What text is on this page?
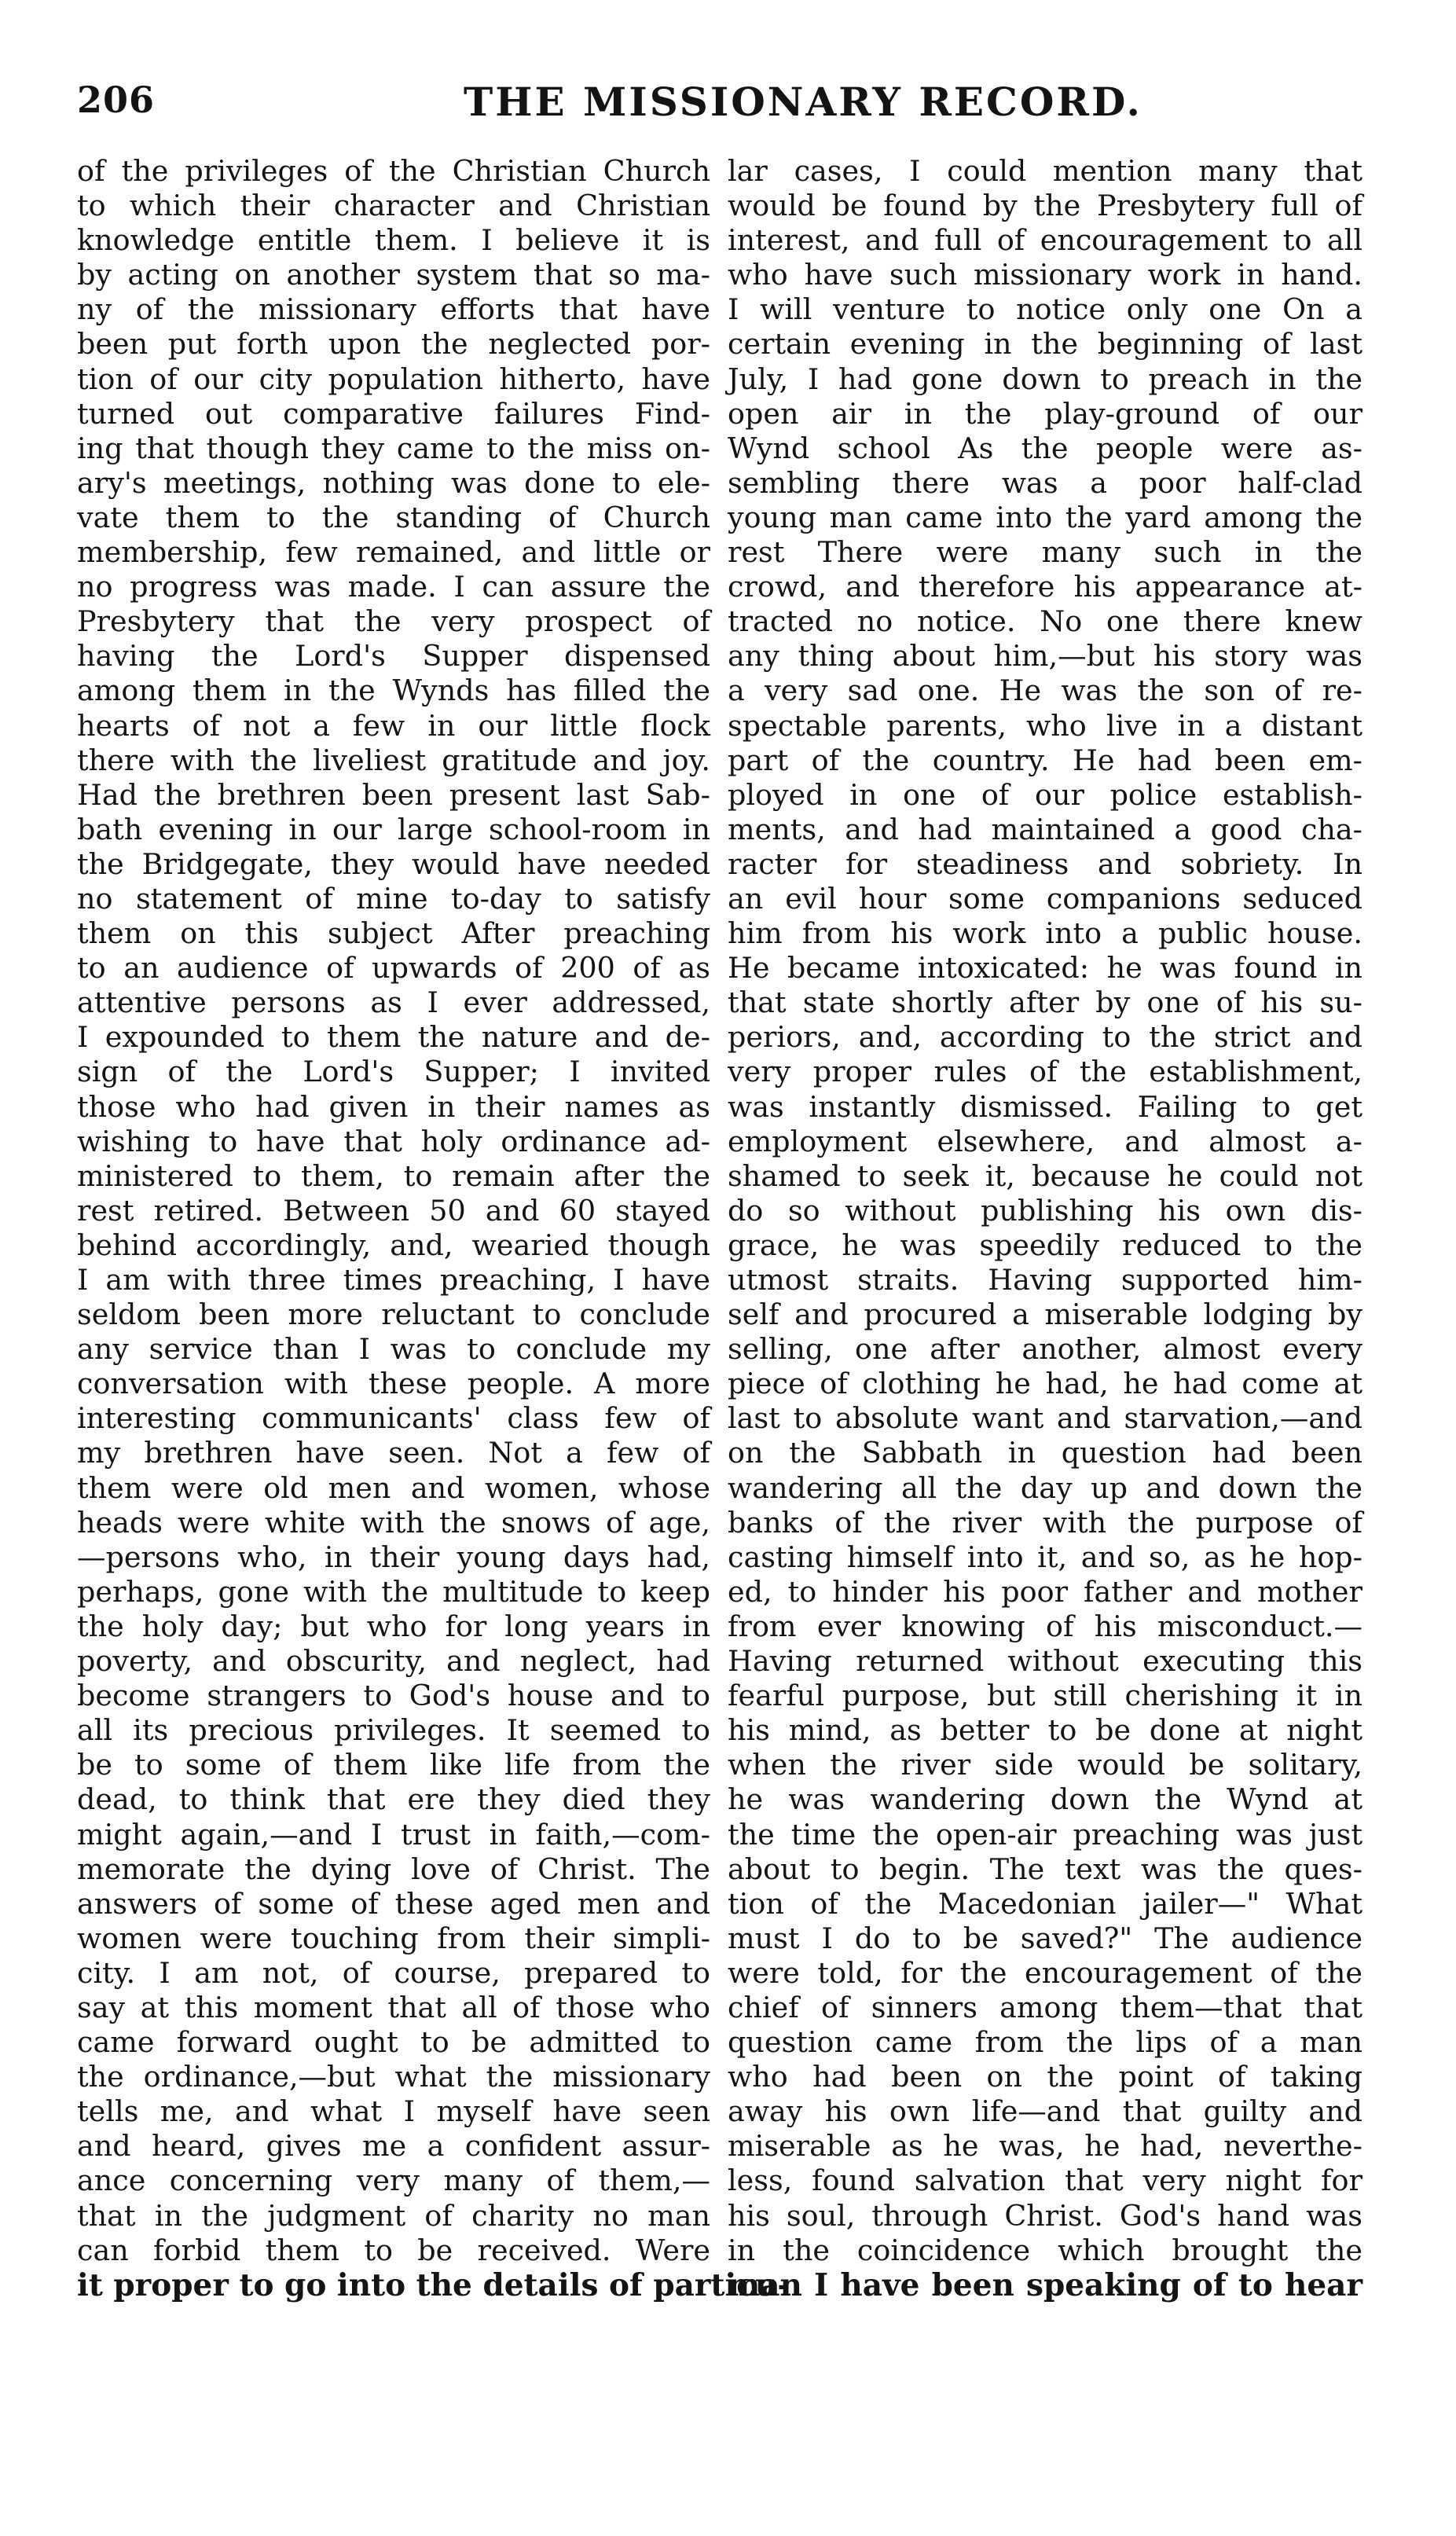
206	THE MISSIONARY RECORD.
of the privileges of the Christian Church
to which their character and Christian
knowledge entitle them. I believe it is
by acting on another system that so ma-
ny of the missionary efforts that have
been put forth upon the neglected por-
tion of our city population hitherto, have
turned out comparative failures Find-
ing that though they came to the miss on-
ary's meetings, nothing was done to ele-
vate them to the standing of Church
membership, few remained, and little or
no progress was made. I can assure the
Presbytery that the very prospect of
having the Lord's Supper dispensed
among them in the Wynds has filled the
hearts of not a few in our little flock
there with the liveliest gratitude and joy.
Had the brethren been present last Sab-
bath evening in our large school-room in
the Bridgegate, they would have needed
no statement of mine to-day to satisfy
them on this subject After preaching
to an audience of upwards of 200 of as
attentive persons as I ever addressed,
I expounded to them the nature and de-
sign of the Lord's Supper; I invited
those who had given in their names as
wishing to have that holy ordinance ad-
ministered to them, to remain after the
rest retired. Between 50 and 60 stayed
behind accordingly, and, wearied though
I am with three times preaching, I have
seldom been more reluctant to conclude
any service than I was to conclude my
conversation with these people. A more
interesting communicants' class few of
my brethren have seen. Not a few of
them were old men and women, whose
heads were white with the snows of age,
—persons who, in their young days had,
perhaps, gone with the multitude to keep
the holy day; but who for long years in
poverty, and obscurity, and neglect, had
become strangers to God's house and to
all its precious privileges. It seemed to
be to some of them like life from the
dead, to think that ere they died they
might again,—and I trust in faith,—com-
memorate the dying love of Christ. The
answers of some of these aged men and
women were touching from their simpli-
city. I am not, of course, prepared to
say at this moment that all of those who
came forward ought to be admitted to
the ordinance,—but what the missionary
tells me, and what I myself have seen
and heard, gives me a confident assur-
ance concerning very many of them,—
that in the judgment of charity no man
can forbid them to be received. Were
it proper to go into the details of particu-
lar cases, I could mention many that
would be found by the Presbytery full of
interest, and full of encouragement to all
who have such missionary work in hand.
I will venture to notice only one On a
certain evening in the beginning of last
July, I had gone down to preach in the
open air in the play-ground of our
Wynd school As the people were as-
sembling there was a poor half-clad
young man came into the yard among the
rest There were many such in the
crowd, and therefore his appearance at-
tracted no notice. No one there knew
any thing about him,—but his story was
a very sad one. He was the son of re-
spectable parents, who live in a distant
part of the country. He had been em-
ployed in one of our police establish-
ments, and had maintained a good cha-
racter for steadiness and sobriety. In
an evil hour some companions seduced
him from his work into a public house.
He became intoxicated: he was found in
that state shortly after by one of his su-
periors, and, according to the strict and
very proper rules of the establishment,
was instantly dismissed. Failing to get
employment elsewhere, and almost a-
shamed to seek it, because he could not
do so without publishing his own dis-
grace, he was speedily reduced to the
utmost straits. Having supported him-
self and procured a miserable lodging by
selling, one after another, almost every
piece of clothing he had, he had come at
last to absolute want and starvation,—and
on the Sabbath in question had been
wandering all the day up and down the
banks of the river with the purpose of
casting himself into it, and so, as he hop-
ed, to hinder his poor father and mother
from ever knowing of his misconduct.—
Having returned without executing this
fearful purpose, but still cherishing it in
his mind, as better to be done at night
when the river side would be solitary,
he was wandering down the Wynd at
the time the open-air preaching was just
about to begin. The text was the ques-
tion of the Macedonian jailer—" What
must I do to be saved?" The audience
were told, for the encouragement of the
chief of sinners among them—that that
question came from the lips of a man
who had been on the point of taking
away his own life—and that guilty and
miserable as he was, he had, neverthe-
less, found salvation that very night for
his soul, through Christ. God's hand was
in the coincidence which brought the
man I have been speaking of to hear
